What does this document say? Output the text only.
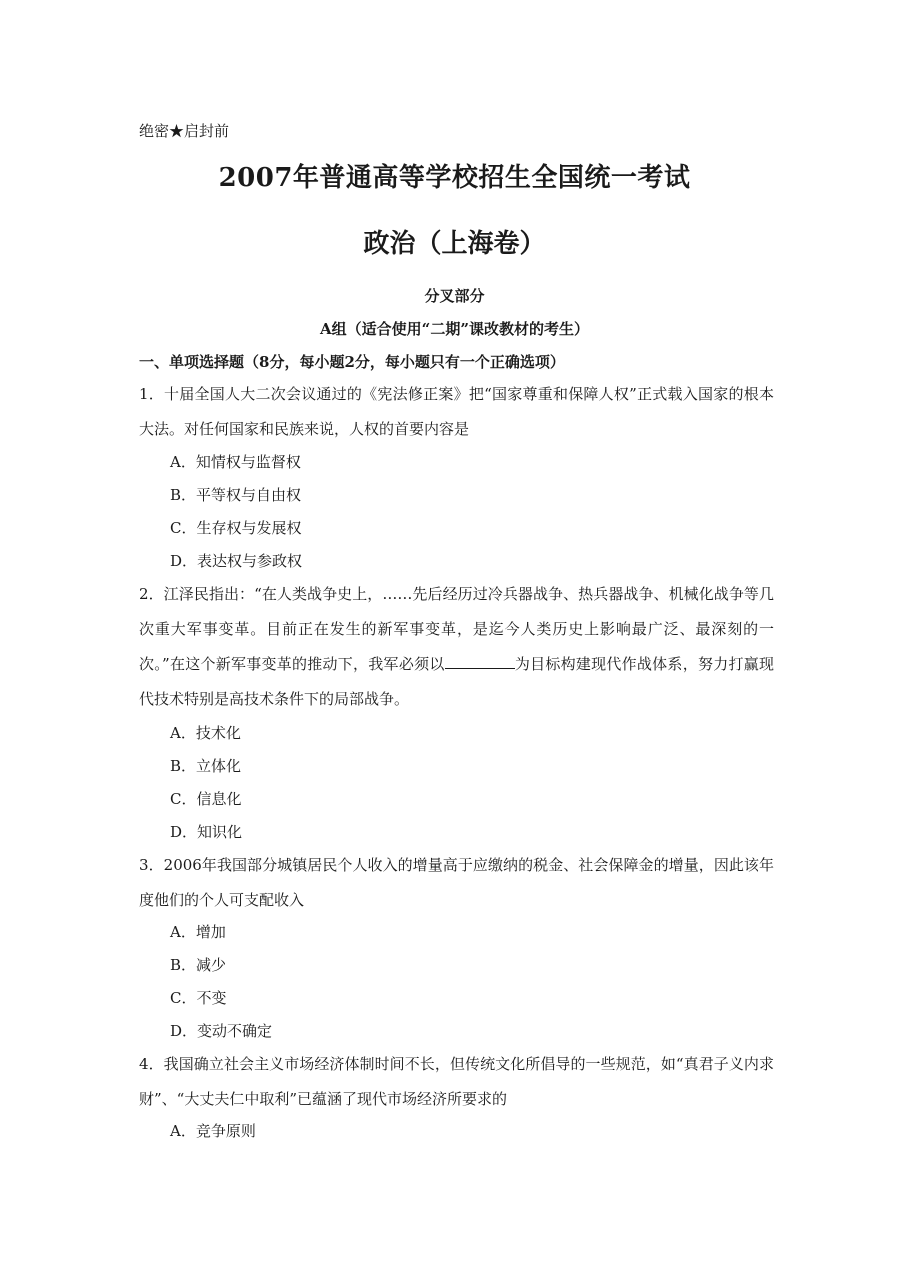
绝密★启封前
2007年普通高等学校招生全国统一考试
政治（上海卷）
分叉部分
A组（适合使用“二期”课改教材的考生）
一、单项选择题（8分，每小题2分，每小题只有一个正确选项）
1．十届全国人大二次会议通过的《宪法修正案》把“国家尊重和保障人权”正式载入国家的根本大法。对任何国家和民族来说，人权的首要内容是
A．知情权与监督权
B．平等权与自由权
C．生存权与发展权
D．表达权与参政权
2．江泽民指出：“在人类战争史上，……先后经历过冷兵器战争、热兵器战争、机械化战争等几次重大军事变革。目前正在发生的新军事变革，是迄今人类历史上影响最广泛、最深刻的一次。”在这个新军事变革的推动下，我军必须以	为目标构建现代作战体系，努力打赢现代技术特别是高技术条件下的局部战争。
A．技术化
B．立体化
C．信息化
D．知识化
3．2006年我国部分城镇居民个人收入的增量高于应缴纳的税金、社会保障金的增量，因此该年度他们的个人可支配收入
A．增加
B．减少
C．不变
D．变动不确定
4．我国确立社会主义市场经济体制时间不长，但传统文化所倡导的一些规范，如“真君子义内求财”、“大丈夫仁中取利”已蕴涵了现代市场经济所要求的
A．竞争原则
